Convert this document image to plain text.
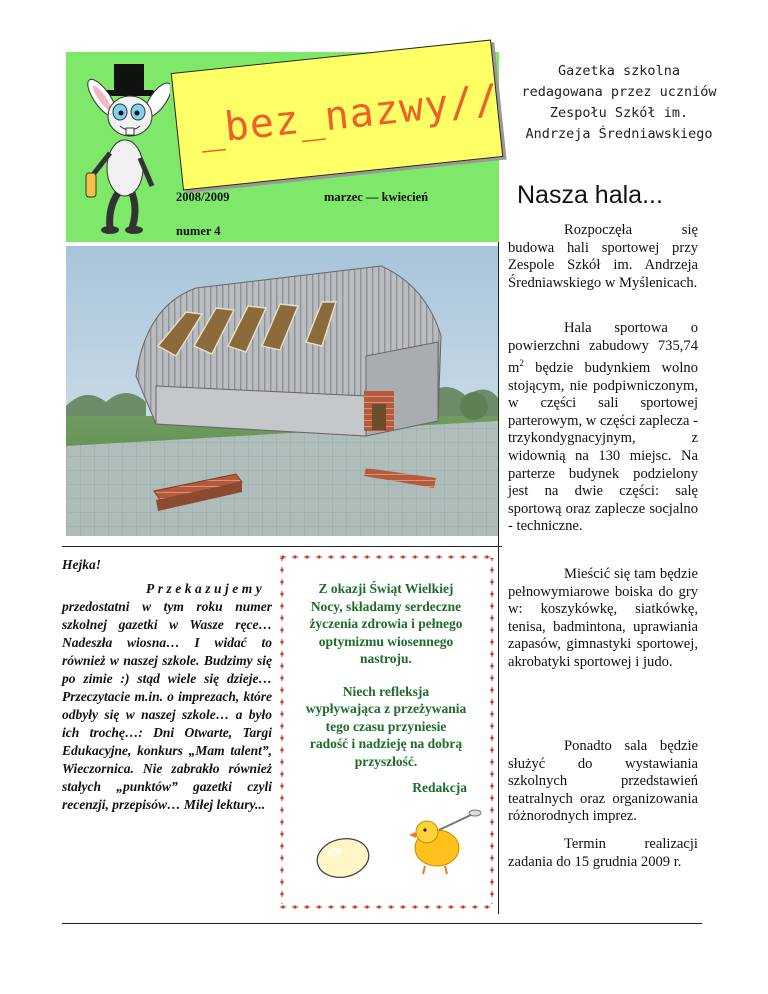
_bez_nazwy//
2008/2009	marzec — kwiecień
numer 4
Gazetka szkolna redagowana przez uczniów Zespołu Szkół im. Andrzeja Średniawskiego
Nasza hala...
Hejka!
Przekazujemy przedostatni w tym roku numer szkolnej gazetki w Wasze ręce… Nadeszła wiosna… I widać to również w naszej szkole. Budzimy się po zimie :) stąd wiele się dzieje… Przeczytacie m.in. o imprezach, które odbyły się w naszej szkole… a było ich trochę…: Dni Otwarte, Targi Edukacyjne, konkurs „Mam talent”, Wieczornica. Nie zabrakło również stałych „punktów” gazetki czyli recenzji, przepisów… Miłej lektury...

Z okazji Świąt Wielkiej Nocy, składamy serdeczne życzenia zdrowia i pełnego optymizmu wiosennego nastroju.

Niech refleksja wypływająca z przeżywania tego czasu przyniesie radość i nadzieję na dobrą przyszłość.

Redakcja

Rozpoczęła się budowa hali sportowej przy Zespole Szkół im. Andrzeja Średniawskiego w Myślenicach.

Hala sportowa o powierzchni zabudowy 735,74 $m^2$ będzie budynkiem wolno stojącym, nie podpiwniczonym, w części sali sportowej parterowym, w części zaplecza - trzykondygnacyjnym, z widownią na 130 miejsc. Na parterze budynek podzielony jest na dwie części: salę sportową oraz zaplecze socjalno - techniczne.

Mieścić się tam będzie pełnowymiarowe boiska do gry w: koszykówkę, siatkówkę, tenisa, badmintona, uprawiania zapasów, gimnastyki sportowej, akrobatyki sportowej i judo.

Ponadto sala będzie służyć do wystawiania szkolnych przedstawień teatralnych oraz organizowania różnorodnych imprez.

Termin realizacji zadania do 15 grudnia 2009 r.
